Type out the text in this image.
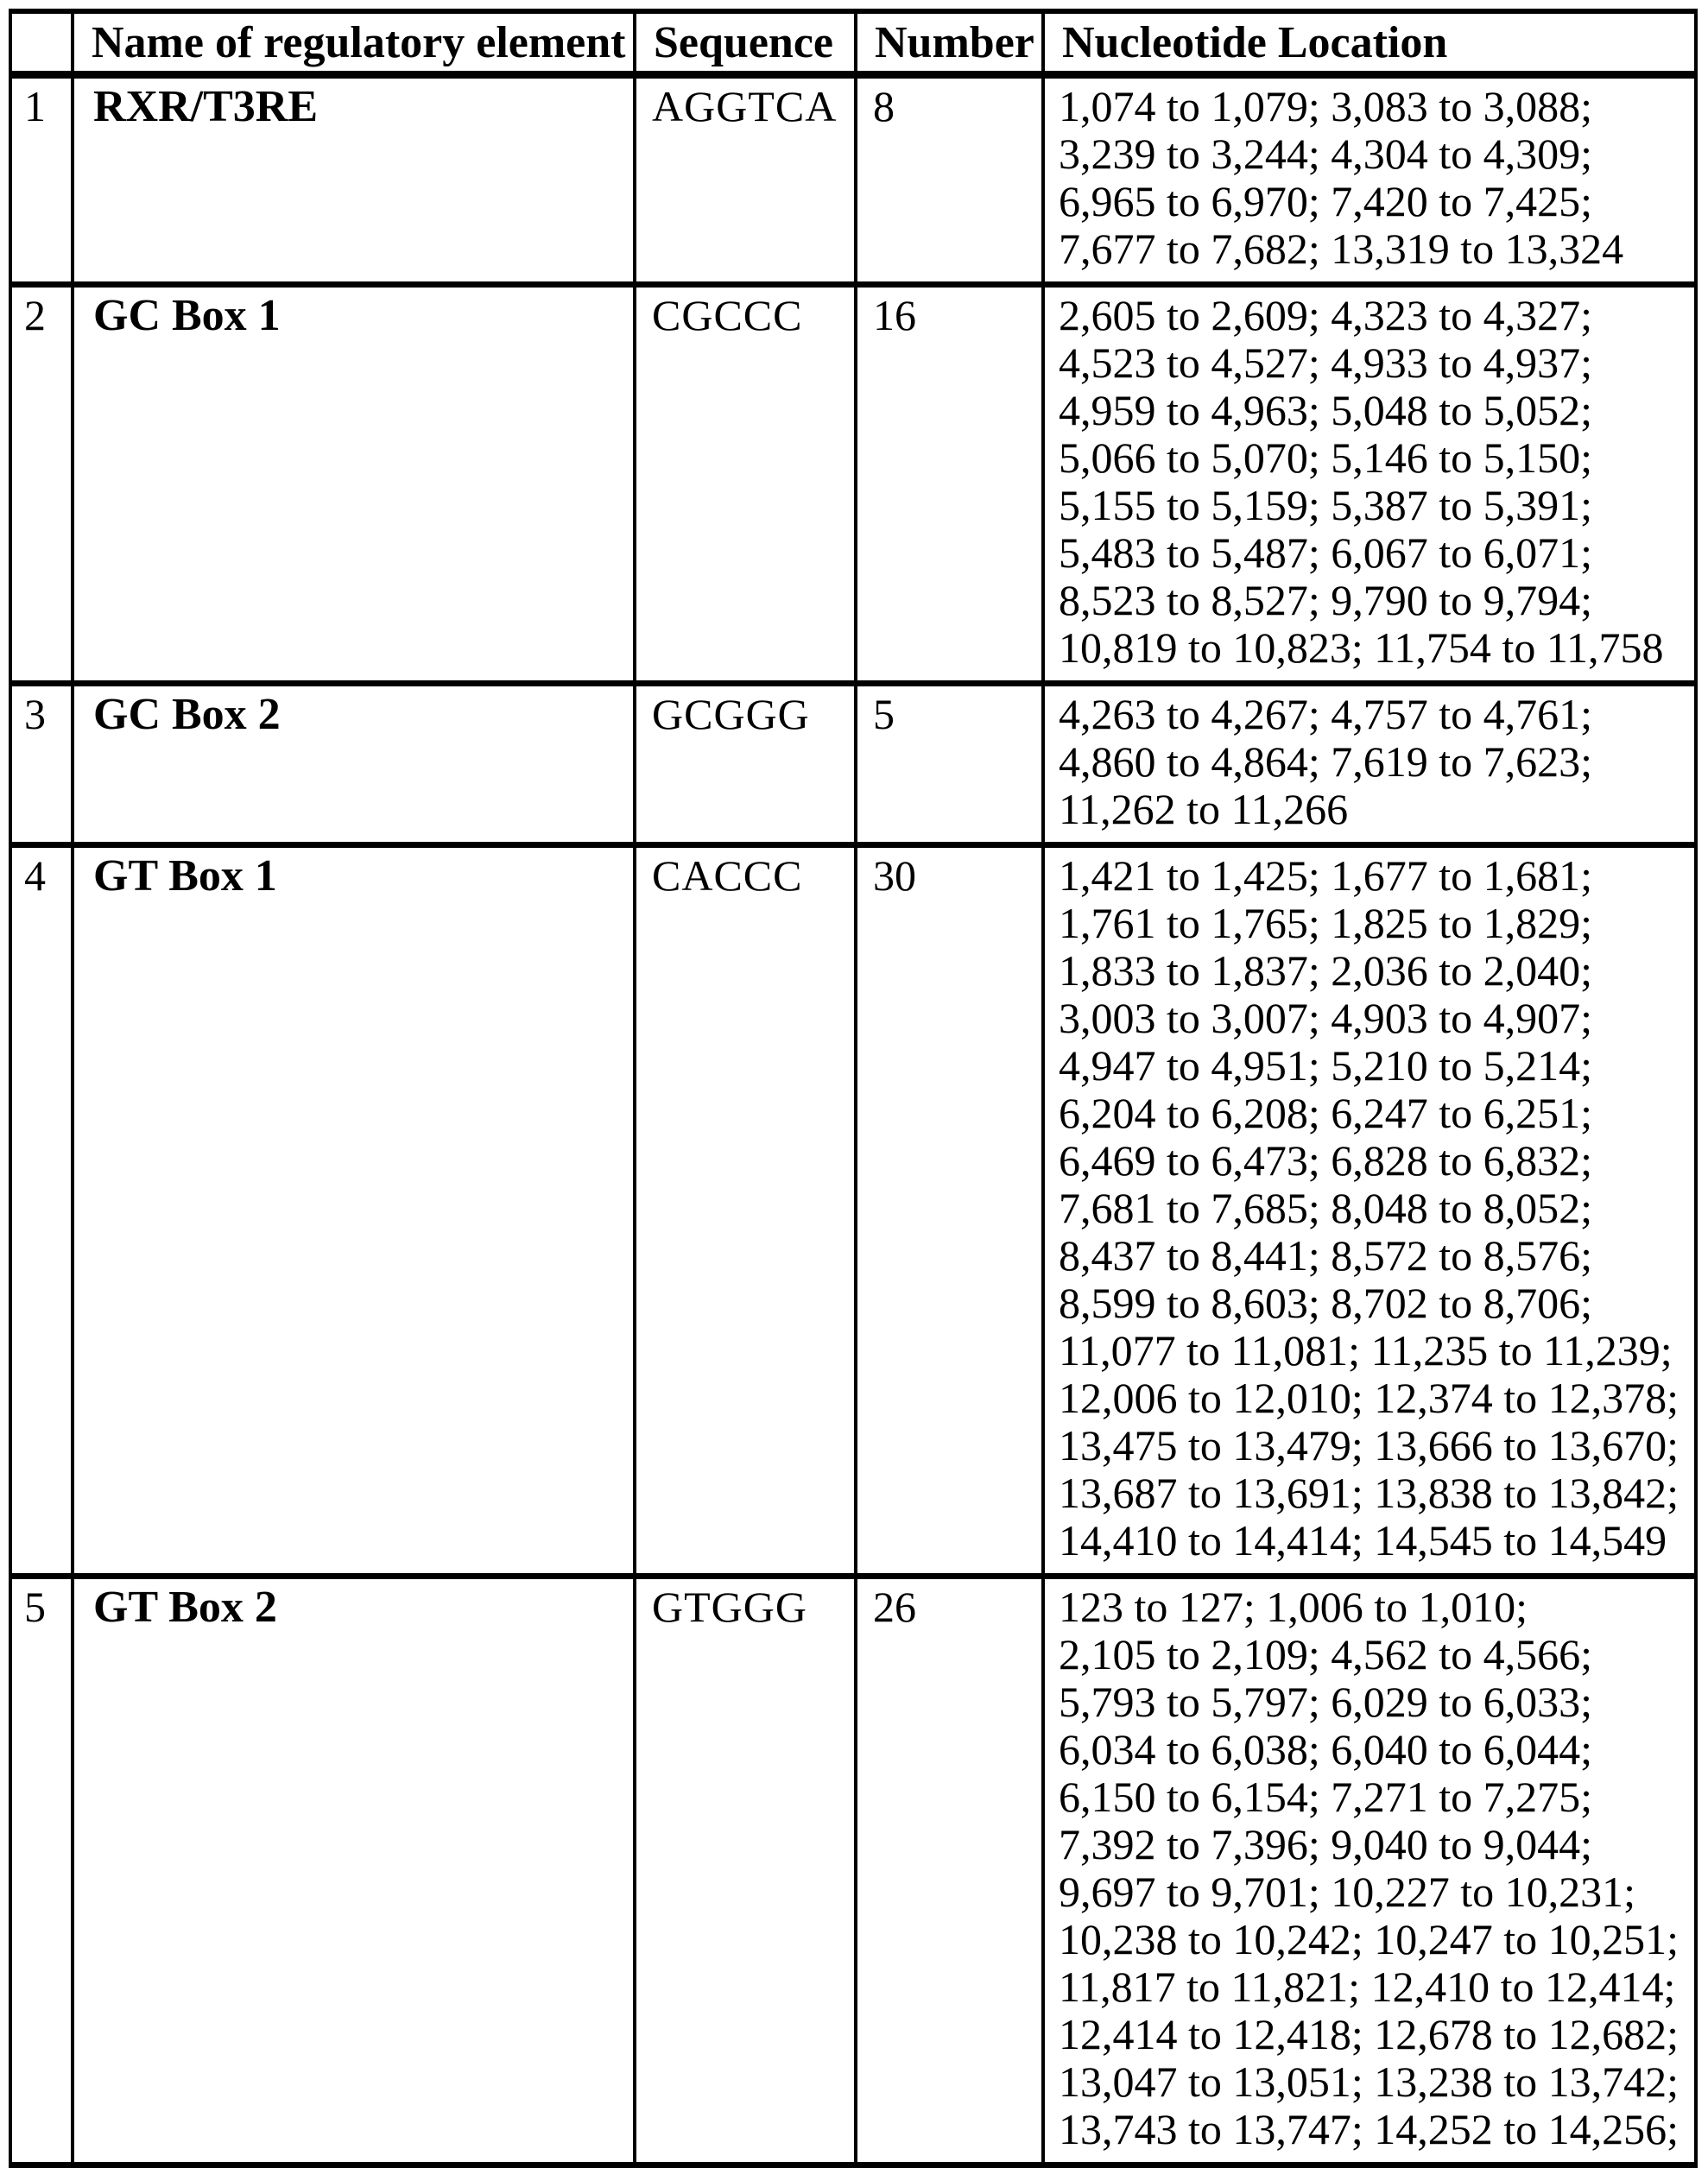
	Name of regulatory element	Sequence	Number	Nucleotide Location
1	RXR/T3RE	AGGTCA	8	1,074 to 1,079; 3,083 to 3,088;
3,239 to 3,244; 4,304 to 4,309;
6,965 to 6,970; 7,420 to 7,425;
7,677 to 7,682; 13,319 to 13,324
2	GC Box 1	CGCCC	16	2,605 to 2,609; 4,323 to 4,327;
4,523 to 4,527; 4,933 to 4,937;
4,959 to 4,963; 5,048 to 5,052;
5,066 to 5,070; 5,146 to 5,150;
5,155 to 5,159; 5,387 to 5,391;
5,483 to 5,487; 6,067 to 6,071;
8,523 to 8,527; 9,790 to 9,794;
10,819 to 10,823; 11,754 to 11,758
3	GC Box 2	GCGGG	5	4,263 to 4,267; 4,757 to 4,761;
4,860 to 4,864; 7,619 to 7,623;
11,262 to 11,266
4	GT Box 1	CACCC	30	1,421 to 1,425; 1,677 to 1,681;
1,761 to 1,765; 1,825 to 1,829;
1,833 to 1,837; 2,036 to 2,040;
3,003 to 3,007; 4,903 to 4,907;
4,947 to 4,951; 5,210 to 5,214;
6,204 to 6,208; 6,247 to 6,251;
6,469 to 6,473; 6,828 to 6,832;
7,681 to 7,685; 8,048 to 8,052;
8,437 to 8,441; 8,572 to 8,576;
8,599 to 8,603; 8,702 to 8,706;
11,077 to 11,081; 11,235 to 11,239;
12,006 to 12,010; 12,374 to 12,378;
13,475 to 13,479; 13,666 to 13,670;
13,687 to 13,691; 13,838 to 13,842;
14,410 to 14,414; 14,545 to 14,549
5	GT Box 2	GTGGG	26	123 to 127; 1,006 to 1,010;
2,105 to 2,109; 4,562 to 4,566;
5,793 to 5,797; 6,029 to 6,033;
6,034 to 6,038; 6,040 to 6,044;
6,150 to 6,154; 7,271 to 7,275;
7,392 to 7,396; 9,040 to 9,044;
9,697 to 9,701; 10,227 to 10,231;
10,238 to 10,242; 10,247 to 10,251;
11,817 to 11,821; 12,410 to 12,414;
12,414 to 12,418; 12,678 to 12,682;
13,047 to 13,051; 13,238 to 13,742;
13,743 to 13,747; 14,252 to 14,256;
